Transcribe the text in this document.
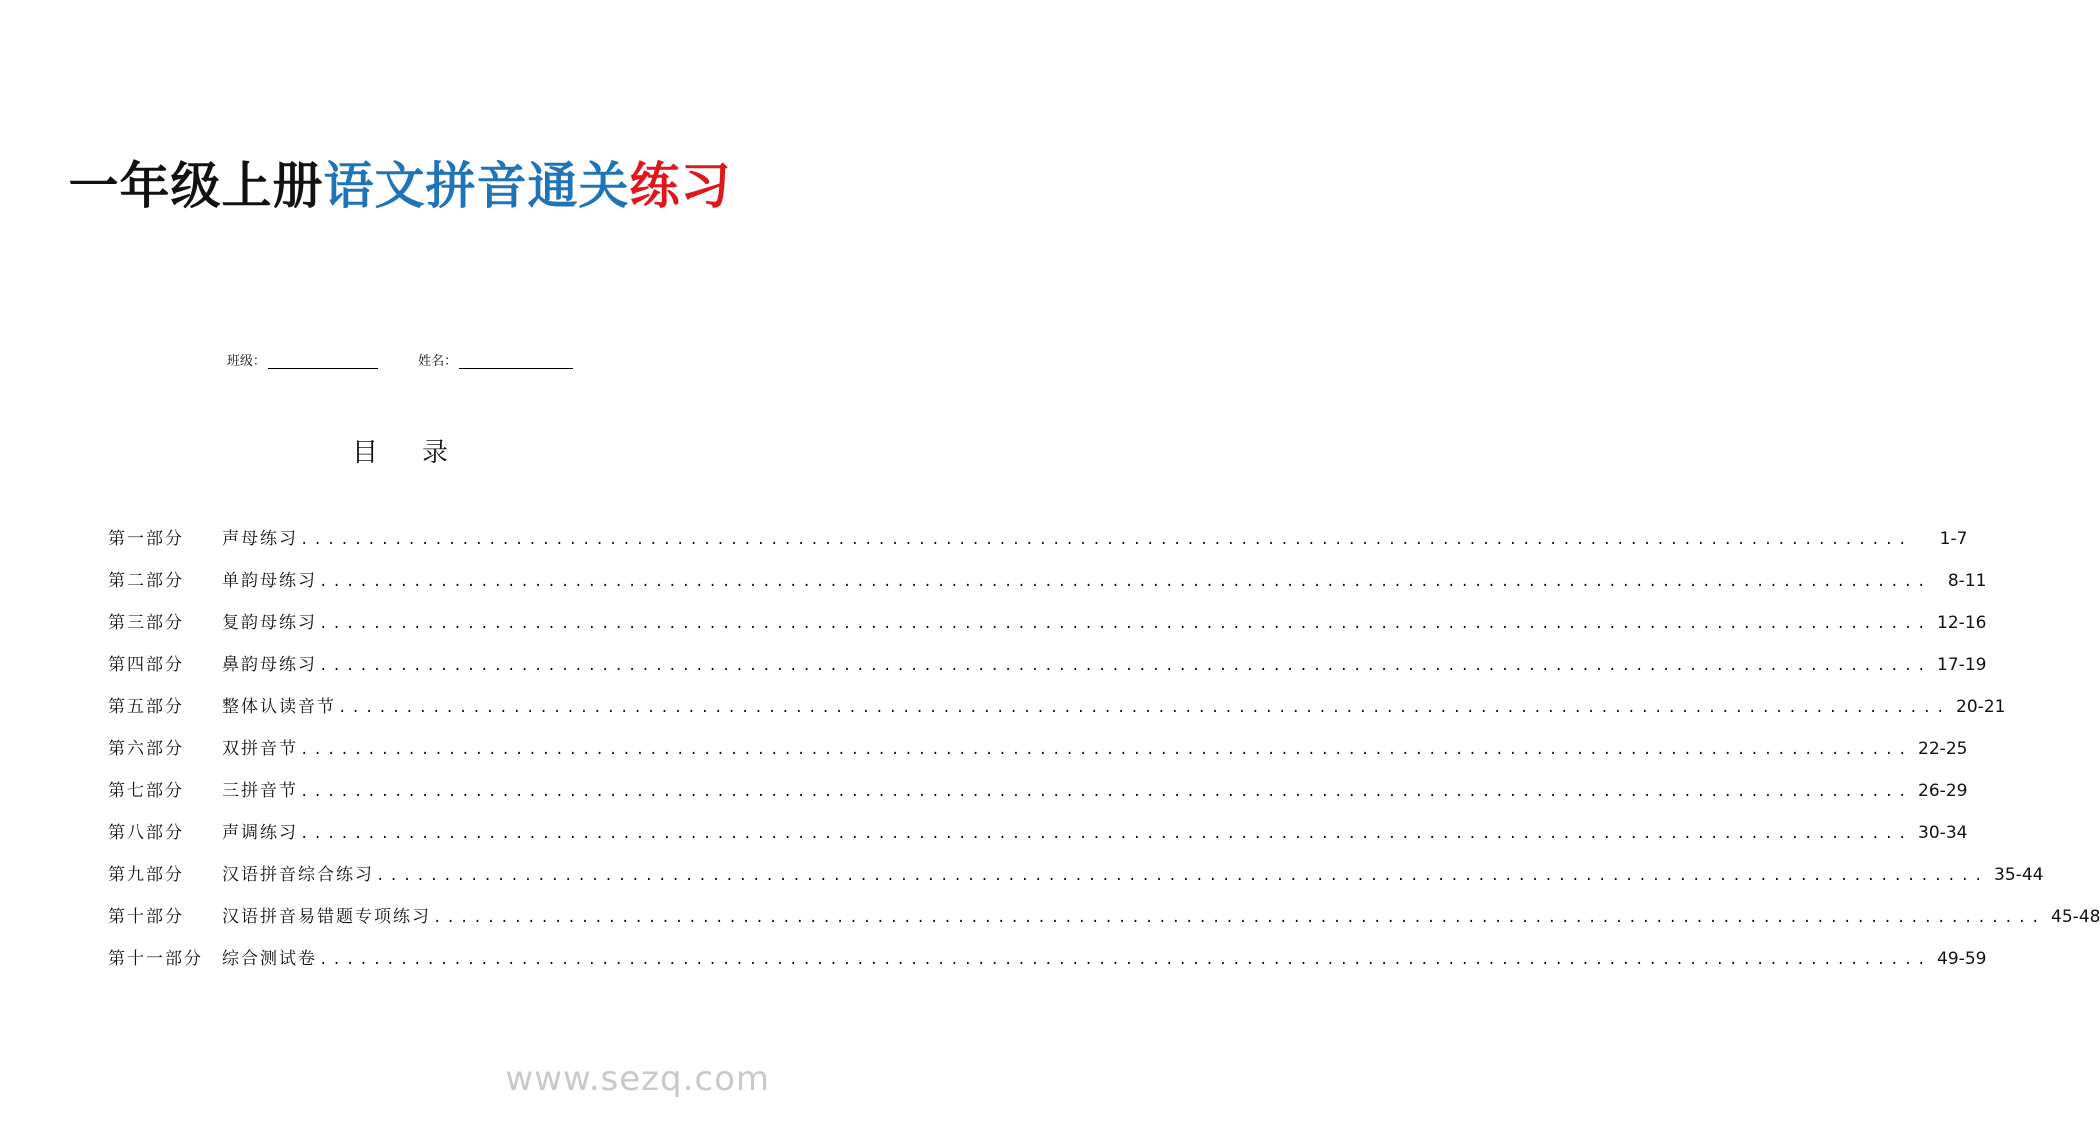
一年级上册语文拼音通关练习
班级：	姓名：
目录
第一部分	声母练习 ........................................................................................................................	1-7
第二部分	单韵母练习 ........................................................................................................................	8-11
第三部分	复韵母练习 ........................................................................................................................ 12-16
第四部分	鼻韵母练习 ........................................................................................................................ 17-19
第五部分	整体认读音节 ........................................................................................................................ 20-21
第六部分	双拼音节 ........................................................................................................................ 22-25
第七部分	三拼音节 ........................................................................................................................ 26-29
第八部分	声调练习 ........................................................................................................................ 30-34
第九部分	汉语拼音综合练习 ........................................................................................................................ 35-44
第十部分	汉语拼音易错题专项练习 ........................................................................................................................ 45-48
第十一部分	综合测试卷 ........................................................................................................................ 49-59
www.sezq.com
